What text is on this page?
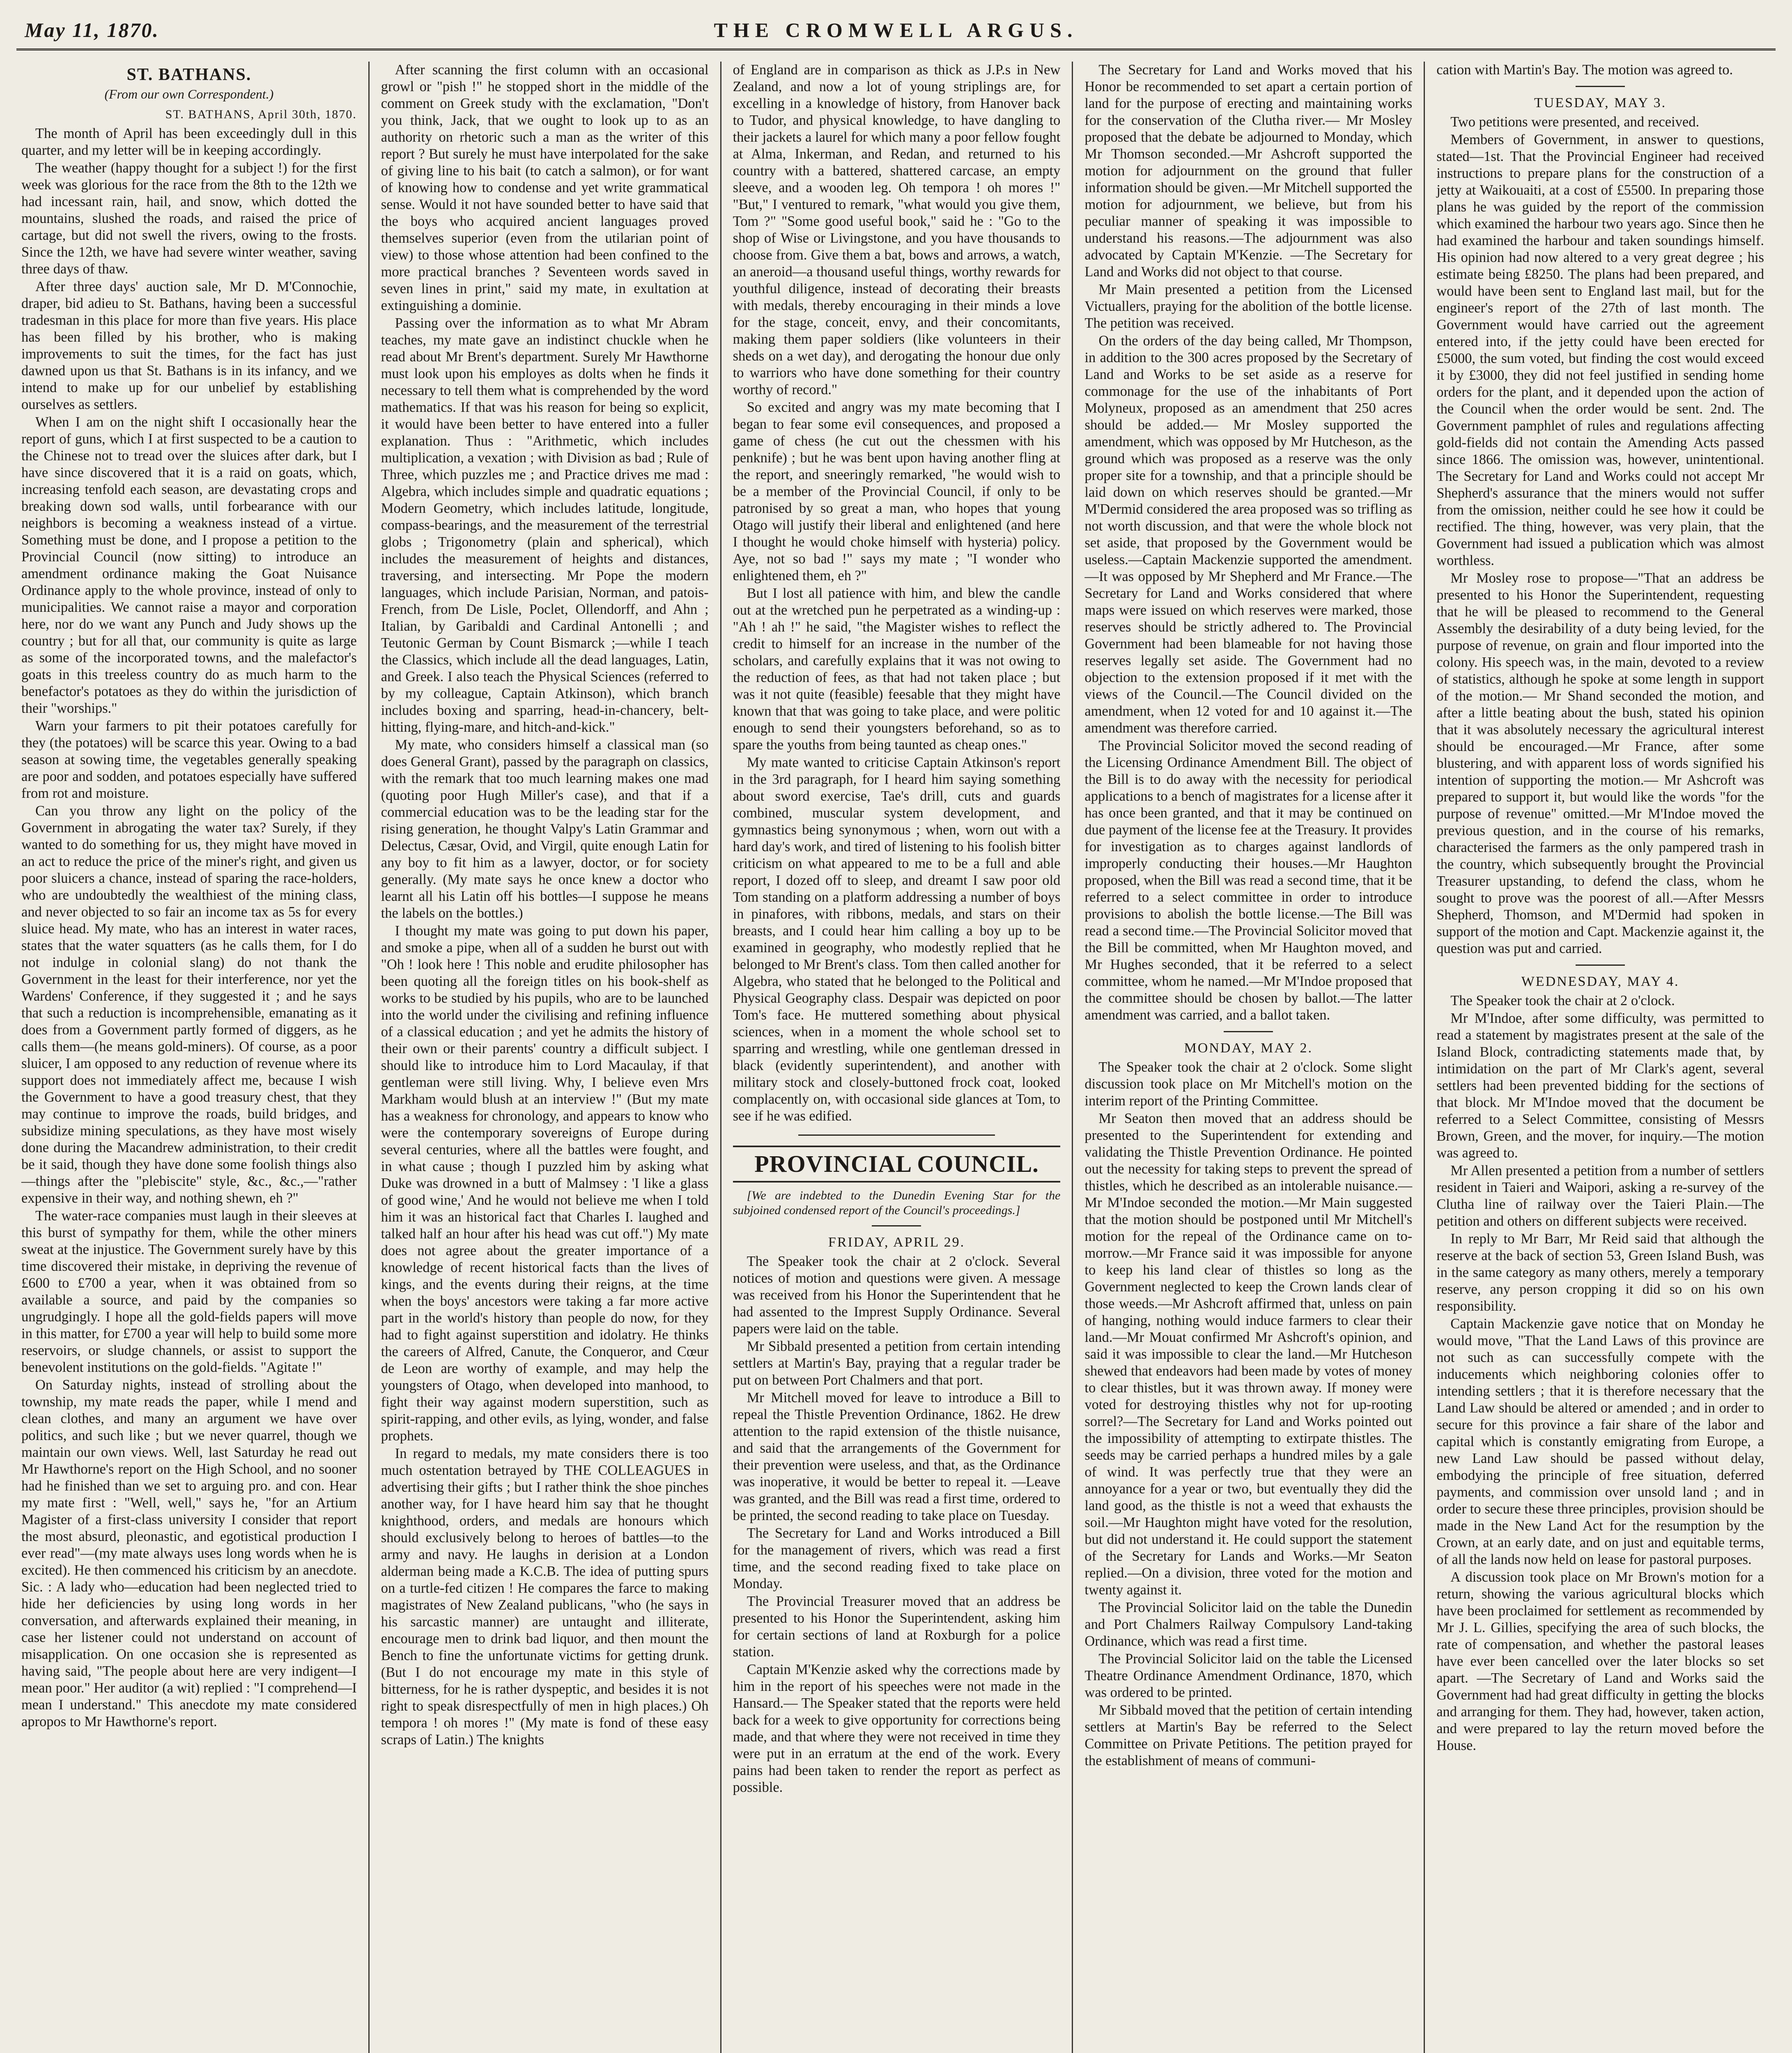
May 11, 1870.	THE CROMWELL ARGUS.
ST. BATHANS.
(From our own Correspondent.)
ST. BATHANS, April 30th, 1870.

The month of April has been exceedingly dull in this quarter, and my letter will be in keeping accordingly.

The weather (happy thought for a subject !) for the first week was glorious for the race from the 8th to the 12th we had incessant rain, hail, and snow, which dotted the mountains, slushed the roads, and raised the price of cartage, but did not swell the rivers, owing to the frosts. Since the 12th, we have had severe winter weather, saving three days of thaw.

After three days' auction sale, Mr D. M'Connochie, draper, bid adieu to St. Bathans, having been a successful tradesman in this place for more than five years. His place has been filled by his brother, who is making improvements to suit the times, for the fact has just dawned upon us that St. Bathans is in its infancy, and we intend to make up for our unbelief by establishing ourselves as settlers.

When I am on the night shift I occasionally hear the report of guns, which I at first suspected to be a caution to the Chinese not to tread over the sluices after dark, but I have since discovered that it is a raid on goats, which, increasing tenfold each season, are devastating crops and breaking down sod walls, until forbearance with our neighbors is becoming a weakness instead of a virtue. Something must be done, and I propose a petition to the Provincial Council (now sitting) to introduce an amendment ordinance making the Goat Nuisance Ordinance apply to the whole province, instead of only to municipalities. We cannot raise a mayor and corporation here, nor do we want any Punch and Judy shows up the country ; but for all that, our community is quite as large as some of the incorporated towns, and the malefactor's goats in this treeless country do as much harm to the benefactor's potatoes as they do within the jurisdiction of their "worships."

Warn your farmers to pit their potatoes carefully for they (the potatoes) will be scarce this year. Owing to a bad season at sowing time, the vegetables generally speaking are poor and sodden, and potatoes especially have suffered from rot and moisture.

Can you throw any light on the policy of the Government in abrogating the water tax? Surely, if they wanted to do something for us, they might have moved in an act to reduce the price of the miner's right, and given us poor sluicers a chance, instead of sparing the race-holders, who are undoubtedly the wealthiest of the mining class, and never objected to so fair an income tax as 5s for every sluice head. My mate, who has an interest in water races, states that the water squatters (as he calls them, for I do not indulge in colonial slang) do not thank the Government in the least for their interference, nor yet the Wardens' Conference, if they suggested it ; and he says that such a reduction is incomprehensible, emanating as it does from a Government partly formed of diggers, as he calls them—(he means gold-miners). Of course, as a poor sluicer, I am opposed to any reduction of revenue where its support does not immediately affect me, because I wish the Government to have a good treasury chest, that they may continue to improve the roads, build bridges, and subsidize mining speculations, as they have most wisely done during the Macandrew administration, to their credit be it said, though they have done some foolish things also—things after the "plebiscite" style, &c., &c.,—"rather expensive in their way, and nothing shewn, eh ?"

The water-race companies must laugh in their sleeves at this burst of sympathy for them, while the other miners sweat at the injustice. The Government surely have by this time discovered their mistake, in depriving the revenue of £600 to £700 a year, when it was obtained from so available a source, and paid by the companies so ungrudgingly. I hope all the gold-fields papers will move in this matter, for £700 a year will help to build some more reservoirs, or sludge channels, or assist to support the benevolent institutions on the gold-fields. "Agitate !"

On Saturday nights, instead of strolling about the township, my mate reads the paper, while I mend and clean clothes, and many an argument we have over politics, and such like ; but we never quarrel, though we maintain our own views. Well, last Saturday he read out Mr Hawthorne's report on the High School, and no sooner had he finished than we set to arguing pro. and con. Hear my mate first : "Well, well," says he, "for an Artium Magister of a first-class university I consider that report the most absurd, pleonastic, and egotistical production I ever read"—(my mate always uses long words when he is excited). He then commenced his criticism by an anecdote. Sic. : A lady who—education had been neglected tried to hide her deficiencies by using long words in her conversation, and afterwards explained their meaning, in case her listener could not understand on account of misapplication. On one occasion she is represented as having said, "The people about here are very indigent—I mean poor." Her auditor (a wit) replied : "I comprehend—I mean I understand." This anecdote my mate considered apropos to Mr Hawthorne's report.

After scanning the first column with an occasional growl or "pish !" he stopped short in the middle of the comment on Greek study with the exclamation, "Don't you think, Jack, that we ought to look up to as an authority on rhetoric such a man as the writer of this report ? But surely he must have interpolated for the sake of giving line to his bait (to catch a salmon), or for want of knowing how to condense and yet write grammatical sense. Would it not have sounded better to have said that the boys who acquired ancient languages proved themselves superior (even from the utilarian point of view) to those whose attention had been confined to the more practical branches ? Seventeen words saved in seven lines in print," said my mate, in exultation at extinguishing a dominie.

Passing over the information as to what Mr Abram teaches, my mate gave an indistinct chuckle when he read about Mr Brent's department. Surely Mr Hawthorne must look upon his employes as dolts when he finds it necessary to tell them what is comprehended by the word mathematics. If that was his reason for being so explicit, it would have been better to have entered into a fuller explanation. Thus : "Arithmetic, which includes multiplication, a vexation ; with Division as bad ; Rule of Three, which puzzles me ; and Practice drives me mad : Algebra, which includes simple and quadratic equations ; Modern Geometry, which includes latitude, longitude, compass-bearings, and the measurement of the terrestrial globs ; Trigonometry (plain and spherical), which includes the measurement of heights and distances, traversing, and intersecting. Mr Pope the modern languages, which include Parisian, Norman, and patois-French, from De Lisle, Poclet, Ollendorff, and Ahn ; Italian, by Garibaldi and Cardinal Antonelli ; and Teutonic German by Count Bismarck ;—while I teach the Classics, which include all the dead languages, Latin, and Greek. I also teach the Physical Sciences (referred to by my colleague, Captain Atkinson), which branch includes boxing and sparring, head-in-chancery, belt-hitting, flying-mare, and hitch-and-kick."

My mate, who considers himself a classical man (so does General Grant), passed by the paragraph on classics, with the remark that too much learning makes one mad (quoting poor Hugh Miller's case), and that if a commercial education was to be the leading star for the rising generation, he thought Valpy's Latin Grammar and Delectus, Cæsar, Ovid, and Virgil, quite enough Latin for any boy to fit him as a lawyer, doctor, or for society generally. (My mate says he once knew a doctor who learnt all his Latin off his bottles—I suppose he means the labels on the bottles.)

I thought my mate was going to put down his paper, and smoke a pipe, when all of a sudden he burst out with "Oh ! look here ! This noble and erudite philosopher has been quoting all the foreign titles on his book-shelf as works to be studied by his pupils, who are to be launched into the world under the civilising and refining influence of a classical education ; and yet he admits the history of their own or their parents' country a difficult subject. I should like to introduce him to Lord Macaulay, if that gentleman were still living. Why, I believe even Mrs Markham would blush at an interview !" (But my mate has a weakness for chronology, and appears to know who were the contemporary sovereigns of Europe during several centuries, where all the battles were fought, and in what cause ; though I puzzled him by asking what Duke was drowned in a butt of Malmsey : 'I like a glass of good wine,' And he would not believe me when I told him it was an historical fact that Charles I. laughed and talked half an hour after his head was cut off.") My mate does not agree about the greater importance of a knowledge of recent historical facts than the lives of kings, and the events during their reigns, at the time when the boys' ancestors were taking a far more active part in the world's history than people do now, for they had to fight against superstition and idolatry. He thinks the careers of Alfred, Canute, the Conqueror, and Cœur de Leon are worthy of example, and may help the youngsters of Otago, when developed into manhood, to fight their way against modern superstition, such as spirit-rapping, and other evils, as lying, wonder, and false prophets.

In regard to medals, my mate considers there is too much ostentation betrayed by THE COLLEAGUES in advertising their gifts ; but I rather think the shoe pinches another way, for I have heard him say that he thought knighthood, orders, and medals are honours which should exclusively belong to heroes of battles—to the army and navy. He laughs in derision at a London alderman being made a K.C.B. The idea of putting spurs on a turtle-fed citizen ! He compares the farce to making magistrates of New Zealand publicans, "who (he says in his sarcastic manner) are untaught and illiterate, encourage men to drink bad liquor, and then mount the Bench to fine the unfortunate victims for getting drunk. (But I do not encourage my mate in this style of bitterness, for he is rather dyspeptic, and besides it is not right to speak disrespectfully of men in high places.) Oh tempora ! oh mores !" (My mate is fond of these easy scraps of Latin.) The knights

of England are in comparison as thick as J.P.s in New Zealand, and now a lot of young striplings are, for excelling in a knowledge of history, from Hanover back to Tudor, and physical knowledge, to have dangling to their jackets a laurel for which many a poor fellow fought at Alma, Inkerman, and Redan, and returned to his country with a battered, shattered carcase, an empty sleeve, and a wooden leg. Oh tempora ! oh mores !" "But," I ventured to remark, "what would you give them, Tom ?" "Some good useful book," said he : "Go to the shop of Wise or Livingstone, and you have thousands to choose from. Give them a bat, bows and arrows, a watch, an aneroid—a thousand useful things, worthy rewards for youthful diligence, instead of decorating their breasts with medals, thereby encouraging in their minds a love for the stage, conceit, envy, and their concomitants, making them paper soldiers (like volunteers in their sheds on a wet day), and derogating the honour due only to warriors who have done something for their country worthy of record."

So excited and angry was my mate becoming that I began to fear some evil consequences, and proposed a game of chess (he cut out the chessmen with his penknife) ; but he was bent upon having another fling at the report, and sneeringly remarked, "he would wish to be a member of the Provincial Council, if only to be patronised by so great a man, who hopes that young Otago will justify their liberal and enlightened (and here I thought he would choke himself with hysteria) policy. Aye, not so bad !" says my mate ; "I wonder who enlightened them, eh ?"

But I lost all patience with him, and blew the candle out at the wretched pun he perpetrated as a winding-up : "Ah ! ah !" he said, "the Magister wishes to reflect the credit to himself for an increase in the number of the scholars, and carefully explains that it was not owing to the reduction of fees, as that had not taken place ; but was it not quite (feasible) feesable that they might have known that that was going to take place, and were politic enough to send their youngsters beforehand, so as to spare the youths from being taunted as cheap ones."

My mate wanted to criticise Captain Atkinson's report in the 3rd paragraph, for I heard him saying something about sword exercise, Tae's drill, cuts and guards combined, muscular system development, and gymnastics being synonymous ; when, worn out with a hard day's work, and tired of listening to his foolish bitter criticism on what appeared to me to be a full and able report, I dozed off to sleep, and dreamt I saw poor old Tom standing on a platform addressing a number of boys in pinafores, with ribbons, medals, and stars on their breasts, and I could hear him calling a boy up to be examined in geography, who modestly replied that he belonged to Mr Brent's class. Tom then called another for Algebra, who stated that he belonged to the Political and Physical Geography class. Despair was depicted on poor Tom's face. He muttered something about physical sciences, when in a moment the whole school set to sparring and wrestling, while one gentleman dressed in black (evidently superintendent), and another with military stock and closely-buttoned frock coat, looked complacently on, with occasional side glances at Tom, to see if he was edified.

PROVINCIAL COUNCIL.

[We are indebted to the Dunedin Evening Star for the subjoined condensed report of the Council's proceedings.]

FRIDAY, APRIL 29.

The Speaker took the chair at 2 o'clock. Several notices of motion and questions were given. A message was received from his Honor the Superintendent that he had assented to the Imprest Supply Ordinance. Several papers were laid on the table.

Mr Sibbald presented a petition from certain intending settlers at Martin's Bay, praying that a regular trader be put on between Port Chalmers and that port.

Mr Mitchell moved for leave to introduce a Bill to repeal the Thistle Prevention Ordinance, 1862. He drew attention to the rapid extension of the thistle nuisance, and said that the arrangements of the Government for their prevention were useless, and that, as the Ordinance was inoperative, it would be better to repeal it. —Leave was granted, and the Bill was read a first time, ordered to be printed, the second reading to take place on Tuesday.

The Secretary for Land and Works introduced a Bill for the management of rivers, which was read a first time, and the second reading fixed to take place on Monday.

The Provincial Treasurer moved that an address be presented to his Honor the Superintendent, asking him for certain sections of land at Roxburgh for a police station.

Captain M'Kenzie asked why the corrections made by him in the report of his speeches were not made in the Hansard.— The Speaker stated that the reports were held back for a week to give opportunity for corrections being made, and that where they were not received in time they were put in an erratum at the end of the work. Every pains had been taken to render the report as perfect as possible.

The Secretary for Land and Works moved that his Honor be recommended to set apart a certain portion of land for the purpose of erecting and maintaining works for the conservation of the Clutha river.— Mr Mosley proposed that the debate be adjourned to Monday, which Mr Thomson seconded.—Mr Ashcroft supported the motion for adjournment on the ground that fuller information should be given.—Mr Mitchell supported the motion for adjournment, we believe, but from his peculiar manner of speaking it was impossible to understand his reasons.—The adjournment was also advocated by Captain M'Kenzie. —The Secretary for Land and Works did not object to that course.

Mr Main presented a petition from the Licensed Victuallers, praying for the abolition of the bottle license. The petition was received.

On the orders of the day being called, Mr Thompson, in addition to the 300 acres proposed by the Secretary of Land and Works to be set aside as a reserve for commonage for the use of the inhabitants of Port Molyneux, proposed as an amendment that 250 acres should be added.— Mr Mosley supported the amendment, which was opposed by Mr Hutcheson, as the ground which was proposed as a reserve was the only proper site for a township, and that a principle should be laid down on which reserves should be granted.—Mr M'Dermid considered the area proposed was so trifling as not worth discussion, and that were the whole block not set aside, that proposed by the Government would be useless.—Captain Mackenzie supported the amendment.—It was opposed by Mr Shepherd and Mr France.—The Secretary for Land and Works considered that where maps were issued on which reserves were marked, those reserves should be strictly adhered to. The Provincial Government had been blameable for not having those reserves legally set aside. The Government had no objection to the extension proposed if it met with the views of the Council.—The Council divided on the amendment, when 12 voted for and 10 against it.—The amendment was therefore carried.

The Provincial Solicitor moved the second reading of the Licensing Ordinance Amendment Bill. The object of the Bill is to do away with the necessity for periodical applications to a bench of magistrates for a license after it has once been granted, and that it may be continued on due payment of the license fee at the Treasury. It provides for investigation as to charges against landlords of improperly conducting their houses.—Mr Haughton proposed, when the Bill was read a second time, that it be referred to a select committee in order to introduce provisions to abolish the bottle license.—The Bill was read a second time.—The Provincial Solicitor moved that the Bill be committed, when Mr Haughton moved, and Mr Hughes seconded, that it be referred to a select committee, whom he named.—Mr M'Indoe proposed that the committee should be chosen by ballot.—The latter amendment was carried, and a ballot taken.

MONDAY, MAY 2.

The Speaker took the chair at 2 o'clock. Some slight discussion took place on Mr Mitchell's motion on the interim report of the Printing Committee.

Mr Seaton then moved that an address should be presented to the Superintendent for extending and validating the Thistle Prevention Ordinance. He pointed out the necessity for taking steps to prevent the spread of thistles, which he described as an intolerable nuisance.—Mr M'Indoe seconded the motion.—Mr Main suggested that the motion should be postponed until Mr Mitchell's motion for the repeal of the Ordinance came on to-morrow.—Mr France said it was impossible for anyone to keep his land clear of thistles so long as the Government neglected to keep the Crown lands clear of those weeds.—Mr Ashcroft affirmed that, unless on pain of hanging, nothing would induce farmers to clear their land.—Mr Mouat confirmed Mr Ashcroft's opinion, and said it was impossible to clear the land.—Mr Hutcheson shewed that endeavors had been made by votes of money to clear thistles, but it was thrown away. If money were voted for destroying thistles why not for up-rooting sorrel?—The Secretary for Land and Works pointed out the impossibility of attempting to extirpate thistles. The seeds may be carried perhaps a hundred miles by a gale of wind. It was perfectly true that they were an annoyance for a year or two, but eventually they did the land good, as the thistle is not a weed that exhausts the soil.—Mr Haughton might have voted for the resolution, but did not understand it. He could support the statement of the Secretary for Lands and Works.—Mr Seaton replied.—On a division, three voted for the motion and twenty against it.

The Provincial Solicitor laid on the table the Dunedin and Port Chalmers Railway Compulsory Land-taking Ordinance, which was read a first time.

The Provincial Solicitor laid on the table the Licensed Theatre Ordinance Amendment Ordinance, 1870, which was ordered to be printed.

Mr Sibbald moved that the petition of certain intending settlers at Martin's Bay be referred to the Select Committee on Private Petitions. The petition prayed for the establishment of means of communi-

cation with Martin's Bay. The motion was agreed to.

TUESDAY, MAY 3.

Two petitions were presented, and received.

Members of Government, in answer to questions, stated—1st. That the Provincial Engineer had received instructions to prepare plans for the construction of a jetty at Waikouaiti, at a cost of £5500. In preparing those plans he was guided by the report of the commission which examined the harbour two years ago. Since then he had examined the harbour and taken soundings himself. His opinion had now altered to a very great degree ; his estimate being £8250. The plans had been prepared, and would have been sent to England last mail, but for the engineer's report of the 27th of last month. The Government would have carried out the agreement entered into, if the jetty could have been erected for £5000, the sum voted, but finding the cost would exceed it by £3000, they did not feel justified in sending home orders for the plant, and it depended upon the action of the Council when the order would be sent. 2nd. The Government pamphlet of rules and regulations affecting gold-fields did not contain the Amending Acts passed since 1866. The omission was, however, unintentional. The Secretary for Land and Works could not accept Mr Shepherd's assurance that the miners would not suffer from the omission, neither could he see how it could be rectified. The thing, however, was very plain, that the Government had issued a publication which was almost worthless.

Mr Mosley rose to propose—"That an address be presented to his Honor the Superintendent, requesting that he will be pleased to recommend to the General Assembly the desirability of a duty being levied, for the purpose of revenue, on grain and flour imported into the colony. His speech was, in the main, devoted to a review of statistics, although he spoke at some length in support of the motion.— Mr Shand seconded the motion, and after a little beating about the bush, stated his opinion that it was absolutely necessary the agricultural interest should be encouraged.—Mr France, after some blustering, and with apparent loss of words signified his intention of supporting the motion.— Mr Ashcroft was prepared to support it, but would like the words "for the purpose of revenue" omitted.—Mr M'Indoe moved the previous question, and in the course of his remarks, characterised the farmers as the only pampered trash in the country, which subsequently brought the Provincial Treasurer upstanding, to defend the class, whom he sought to prove was the poorest of all.—After Messrs Shepherd, Thomson, and M'Dermid had spoken in support of the motion and Capt. Mackenzie against it, the question was put and carried.

WEDNESDAY, MAY 4.

The Speaker took the chair at 2 o'clock.

Mr M'Indoe, after some difficulty, was permitted to read a statement by magistrates present at the sale of the Island Block, contradicting statements made that, by intimidation on the part of Mr Clark's agent, several settlers had been prevented bidding for the sections of that block. Mr M'Indoe moved that the document be referred to a Select Committee, consisting of Messrs Brown, Green, and the mover, for inquiry.—The motion was agreed to.

Mr Allen presented a petition from a number of settlers resident in Taieri and Waipori, asking a re-survey of the Clutha line of railway over the Taieri Plain.—The petition and others on different subjects were received.

In reply to Mr Barr, Mr Reid said that although the reserve at the back of section 53, Green Island Bush, was in the same category as many others, merely a temporary reserve, any person cropping it did so on his own responsibility.

Captain Mackenzie gave notice that on Monday he would move, "That the Land Laws of this province are not such as can successfully compete with the inducements which neighboring colonies offer to intending settlers ; that it is therefore necessary that the Land Law should be altered or amended ; and in order to secure for this province a fair share of the labor and capital which is constantly emigrating from Europe, a new Land Law should be passed without delay, embodying the principle of free situation, deferred payments, and commission over unsold land ; and in order to secure these three principles, provision should be made in the New Land Act for the resumption by the Crown, at an early date, and on just and equitable terms, of all the lands now held on lease for pastoral purposes.

A discussion took place on Mr Brown's motion for a return, showing the various agricultural blocks which have been proclaimed for settlement as recommended by Mr J. L. Gillies, specifying the area of such blocks, the rate of compensation, and whether the pastoral leases have ever been cancelled over the later blocks so set apart. —The Secretary of Land and Works said the Government had had great difficulty in getting the blocks and arranging for them. They had, however, taken action, and were prepared to lay the return moved before the House.
